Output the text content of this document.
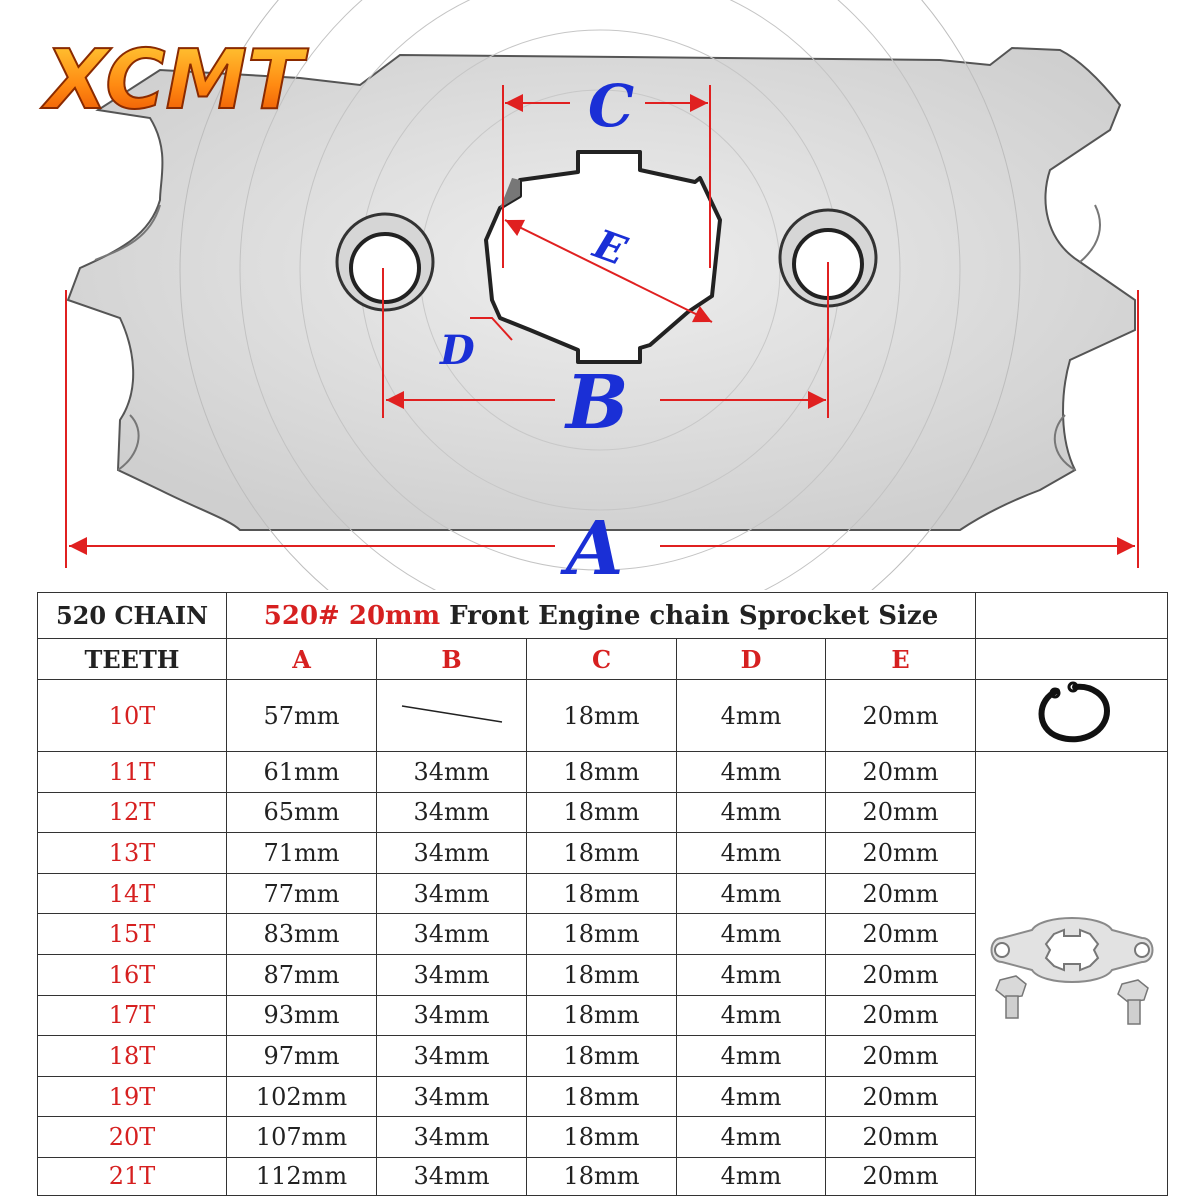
XCMT	C
E
D
B
A
520 CHAIN	520# 20mm Front Engine chain Sprocket Size					
TEETH	A	B	C	D	E	
10T	57mm		18mm	4mm	20mm	
11T	61mm	34mm	18mm	4mm	20mm	
12T	65mm	34mm	18mm	4mm	20mm	
13T	71mm	34mm	18mm	4mm	20mm	
14T	77mm	34mm	18mm	4mm	20mm	
15T	83mm	34mm	18mm	4mm	20mm	
16T	87mm	34mm	18mm	4mm	20mm	
17T	93mm	34mm	18mm	4mm	20mm	
18T	97mm	34mm	18mm	4mm	20mm	
19T	102mm	34mm	18mm	4mm	20mm	
20T	107mm	34mm	18mm	4mm	20mm	
21T	112mm	34mm	18mm	4mm	20mm	
